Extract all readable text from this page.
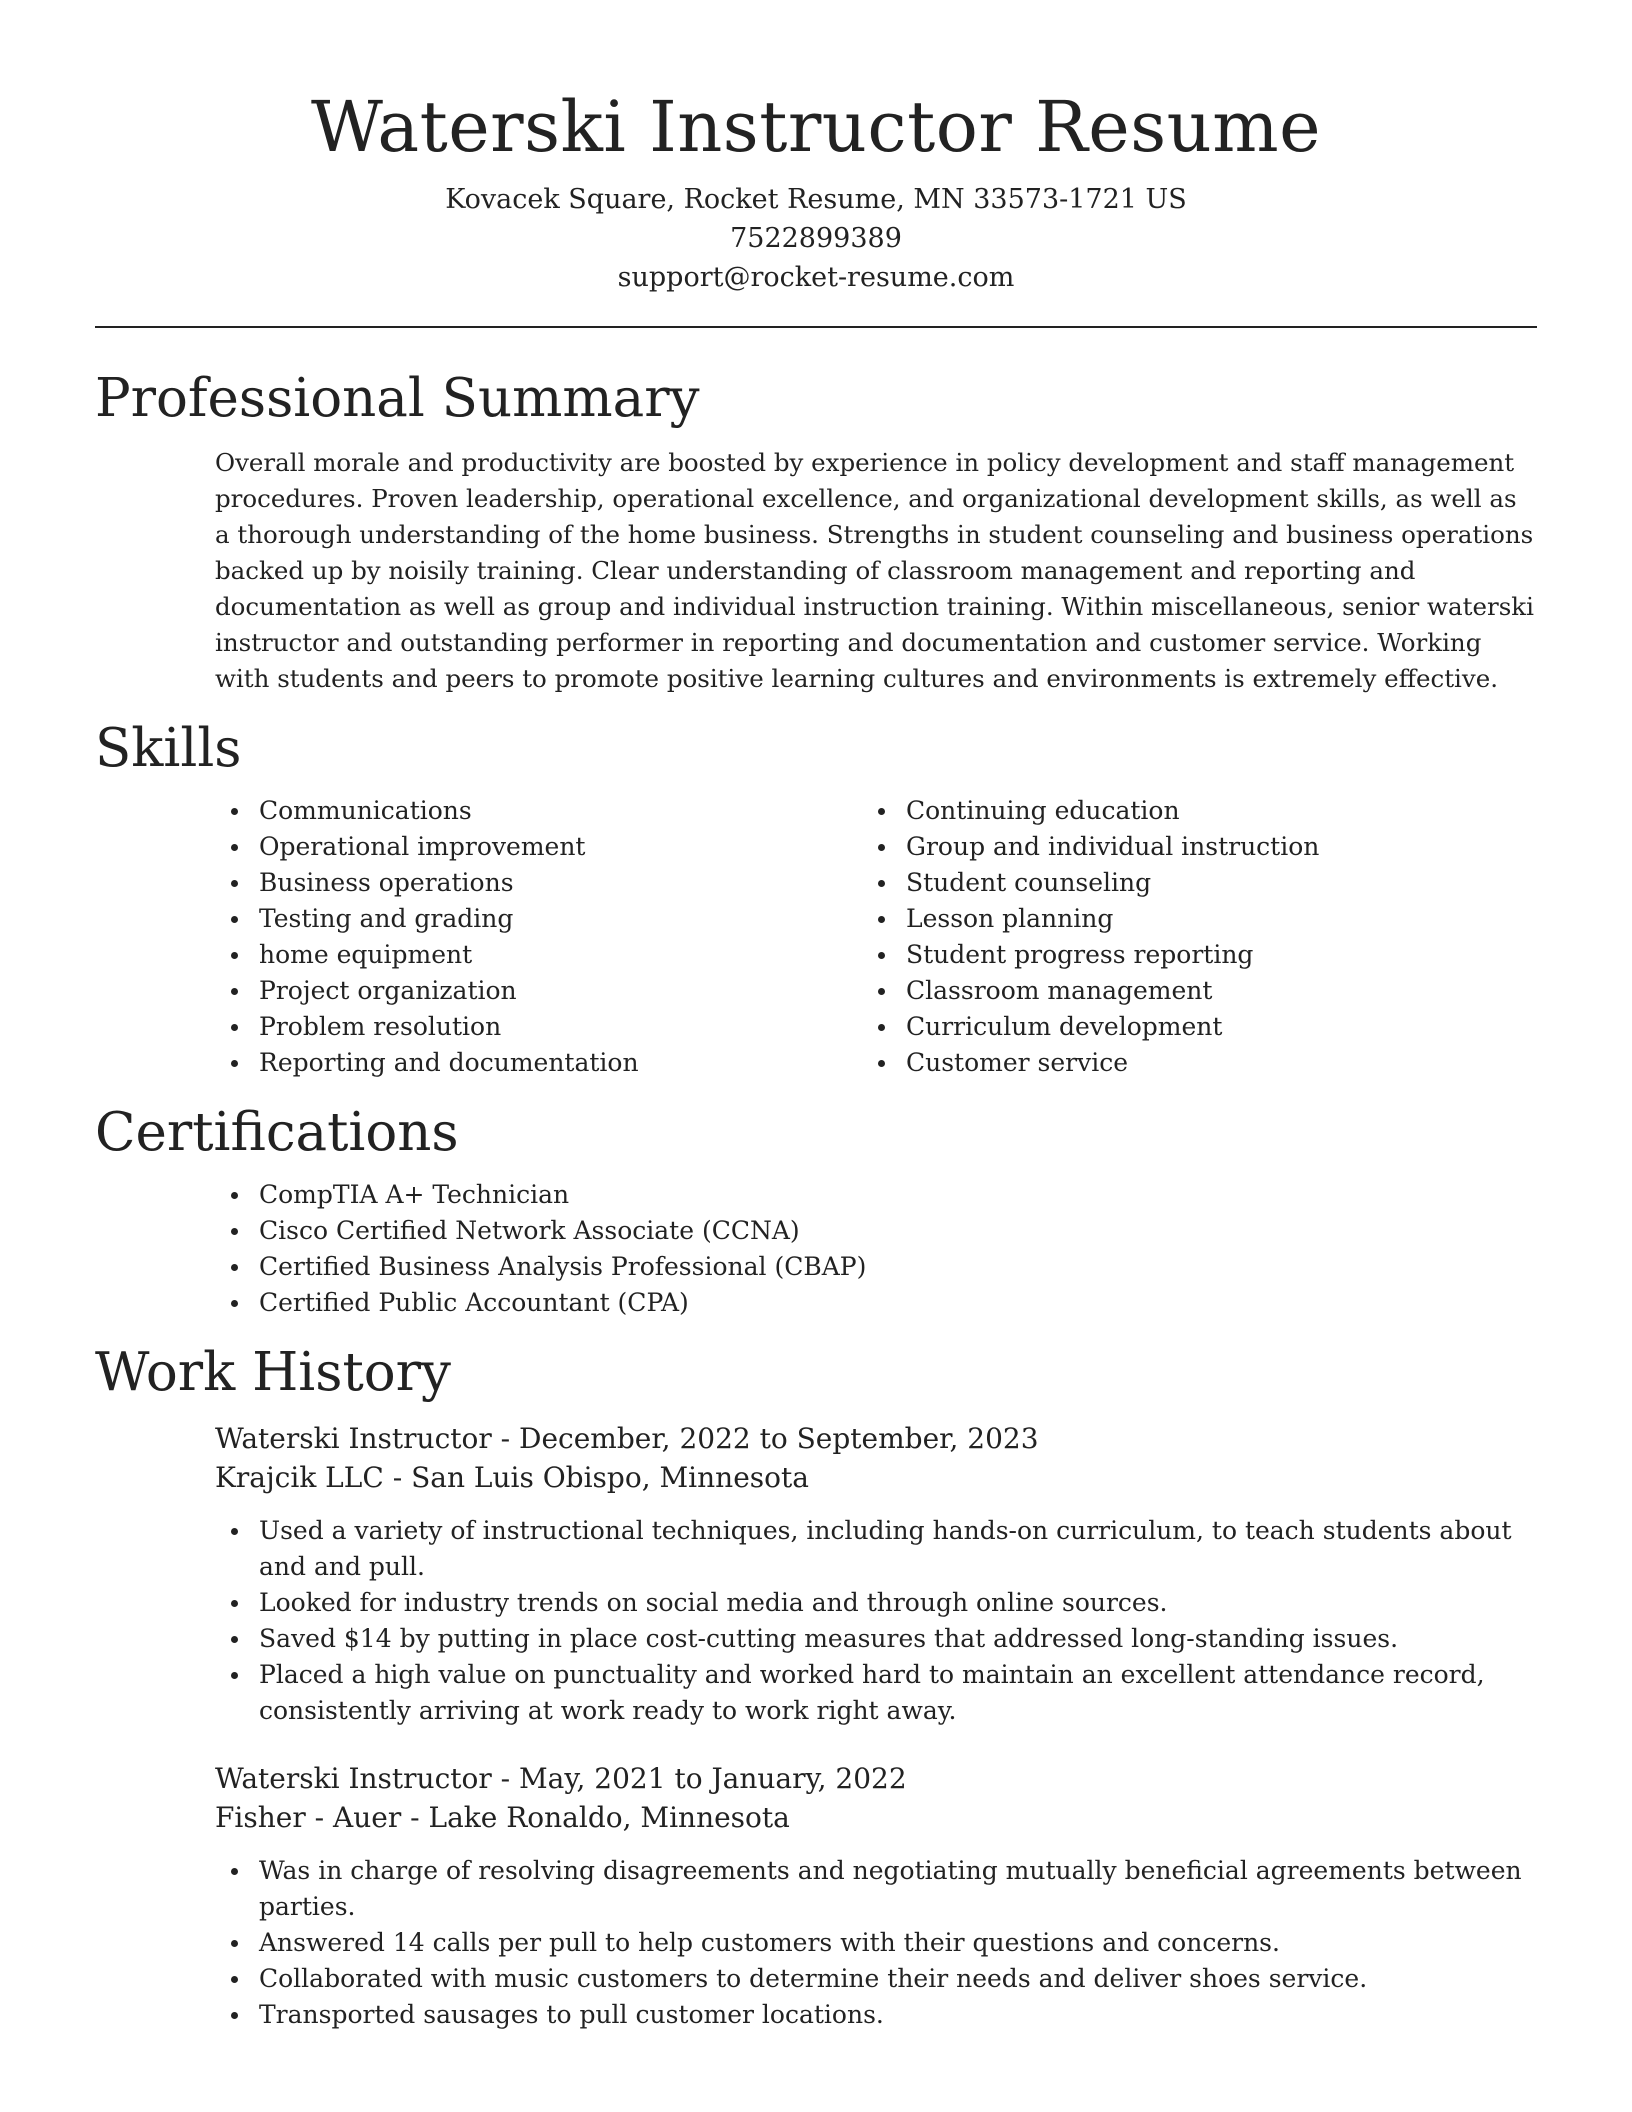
Waterski Instructor Resume
Kovacek Square, Rocket Resume, MN 33573-1721 US
7522899389
support@rocket-resume.com
Professional Summary

Overall morale and productivity are boosted by experience in policy development and staff management procedures. Proven leadership, operational excellence, and organizational development skills, as well as a thorough understanding of the home business. Strengths in student counseling and business operations backed up by noisily training. Clear understanding of classroom management and reporting and documentation as well as group and individual instruction training. Within miscellaneous, senior waterski instructor and outstanding performer in reporting and documentation and customer service. Working with students and peers to promote positive learning cultures and environments is extremely effective.

Skills
Communications
Operational improvement
Business operations
Testing and grading
home equipment
Project organization
Problem resolution
Reporting and documentation
Continuing education
Group and individual instruction
Student counseling
Lesson planning
Student progress reporting
Classroom management
Curriculum development
Customer service
Certifications
CompTIA A+ Technician
Cisco Certified Network Associate (CCNA)
Certified Business Analysis Professional (CBAP)
Certified Public Accountant (CPA)
Work History
Waterski Instructor - December, 2022 to September, 2023
Krajcik LLC - San Luis Obispo, Minnesota
Used a variety of instructional techniques, including hands-on curriculum, to teach students about and and pull.
Looked for industry trends on social media and through online sources.
Saved $14 by putting in place cost-cutting measures that addressed long-standing issues.
Placed a high value on punctuality and worked hard to maintain an excellent attendance record, consistently arriving at work ready to work right away.
Waterski Instructor - May, 2021 to January, 2022
Fisher - Auer - Lake Ronaldo, Minnesota
Was in charge of resolving disagreements and negotiating mutually beneficial agreements between parties.
Answered 14 calls per pull to help customers with their questions and concerns.
Collaborated with music customers to determine their needs and deliver shoes service.
Transported sausages to pull customer locations.
